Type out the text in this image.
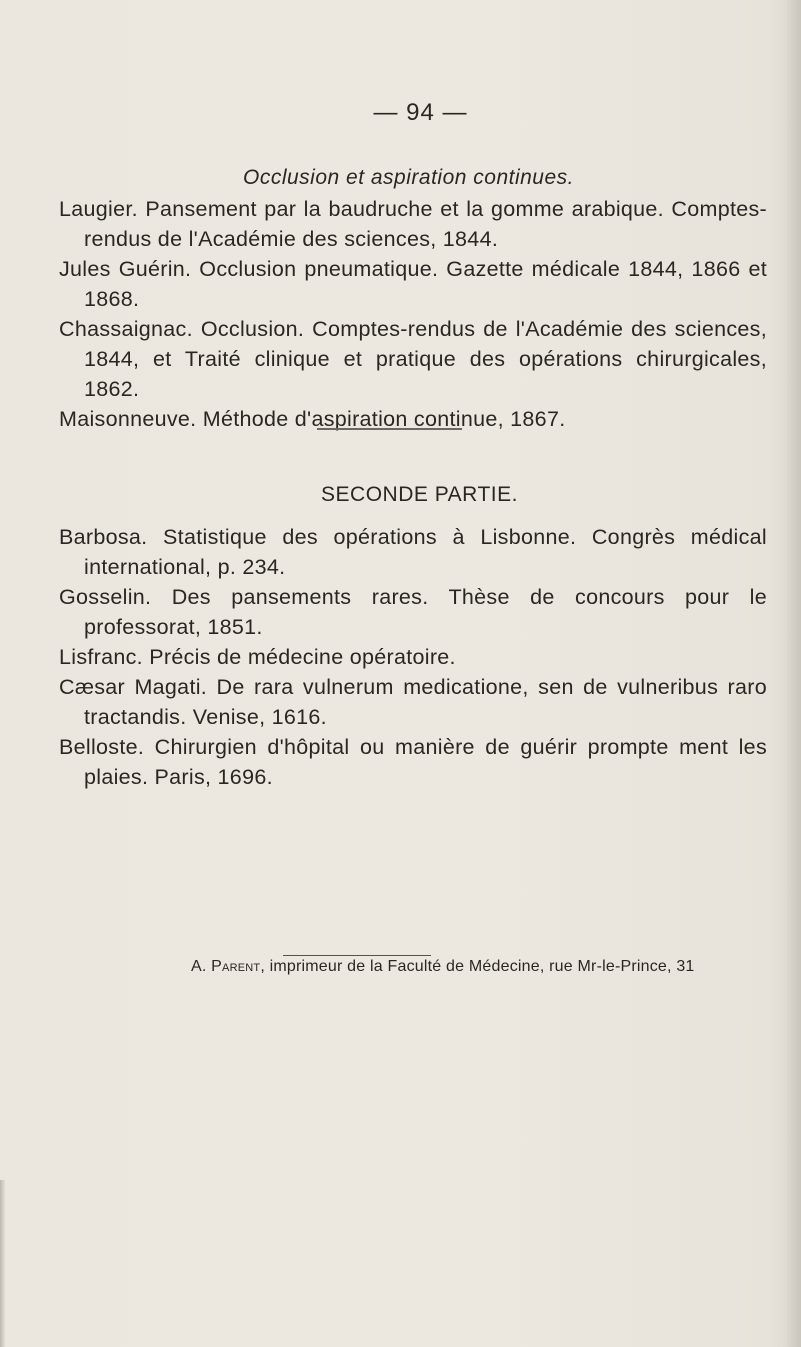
— 94 —
Occlusion et aspiration continues.
Laugier. Pansement par la baudruche et la gomme arabique. Comptes-rendus de l'Académie des sciences, 1844.
Jules Guérin. Occlusion pneumatique. Gazette médicale 1844, 1866 et 1868.
Chassaignac. Occlusion. Comptes-rendus de l'Académie des sciences, 1844, et Traité clinique et pratique des opérations chirurgicales, 1862.
Maisonneuve. Méthode d'aspiration continue, 1867.
SECONDE PARTIE.
Barbosa. Statistique des opérations à Lisbonne. Congrès médical international, p. 234.
Gosselin. Des pansements rares. Thèse de concours pour le professorat, 1851.
Lisfranc. Précis de médecine opératoire.
Cæsar Magati. De rara vulnerum medicatione, sen de vulneribus raro tractandis. Venise, 1616.
Belloste. Chirurgien d'hôpital ou manière de guérir prompte ment les plaies. Paris, 1696.
A. Parent, imprimeur de la Faculté de Médecine, rue Mr-le-Prince, 31
